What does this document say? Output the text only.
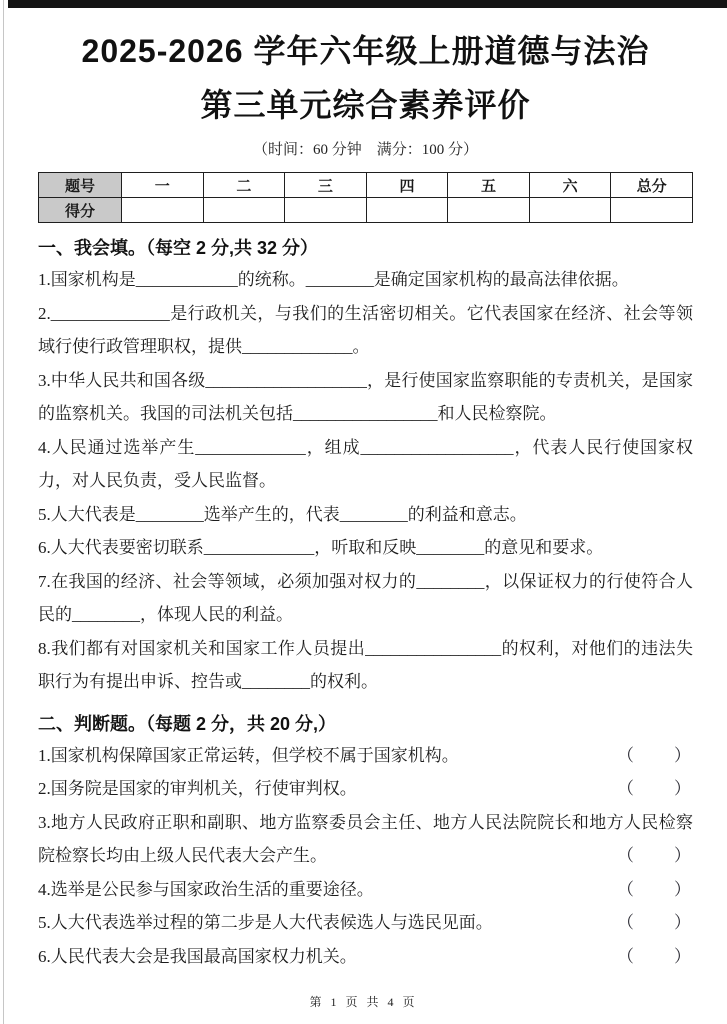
2025-2026 学年六年级上册道德与法治
第三单元综合素养评价
（时间：60 分钟　满分：100 分）
题号	一	二	三	四	五	六	总分
得分							
一、我会填。（每空 2 分,共 32 分）
1.国家机构是____________的统称。________是确定国家机构的最高法律依据。
2.______________是行政机关，与我们的生活密切相关。它代表国家在经济、社会等领域行使行政管理职权，提供_____________。
3.中华人民共和国各级___________________，是行使国家监察职能的专责机关，是国家的监察机关。我国的司法机关包括_________________和人民检察院。
4.人民通过选举产生_____________，组成__________________，代表人民行使国家权力，对人民负责，受人民监督。
5.人大代表是________选举产生的，代表________的利益和意志。
6.人大代表要密切联系_____________，听取和反映________的意见和要求。
7.在我国的经济、社会等领域，必须加强对权力的________，以保证权力的行使符合人民的________，体现人民的利益。
8.我们都有对国家机关和国家工作人员提出________________的权利，对他们的违法失职行为有提出申诉、控告或________的权利。
二、判断题。（每题 2 分，共 20 分,）
1.国家机构保障国家正常运转，但学校不属于国家机构。	（　　）
2.国务院是国家的审判机关，行使审判权。	（　　）
3.地方人民政府正职和副职、地方监察委员会主任、地方人民法院院长和地方人民检察院检察长均由上级人民代表大会产生。	（　　）
4.选举是公民参与国家政治生活的重要途径。	（　　）
5.人大代表选举过程的第二步是人大代表候选人与选民见面。	（　　）
6.人民代表大会是我国最高国家权力机关。	（　　）
第 1 页 共 4 页
